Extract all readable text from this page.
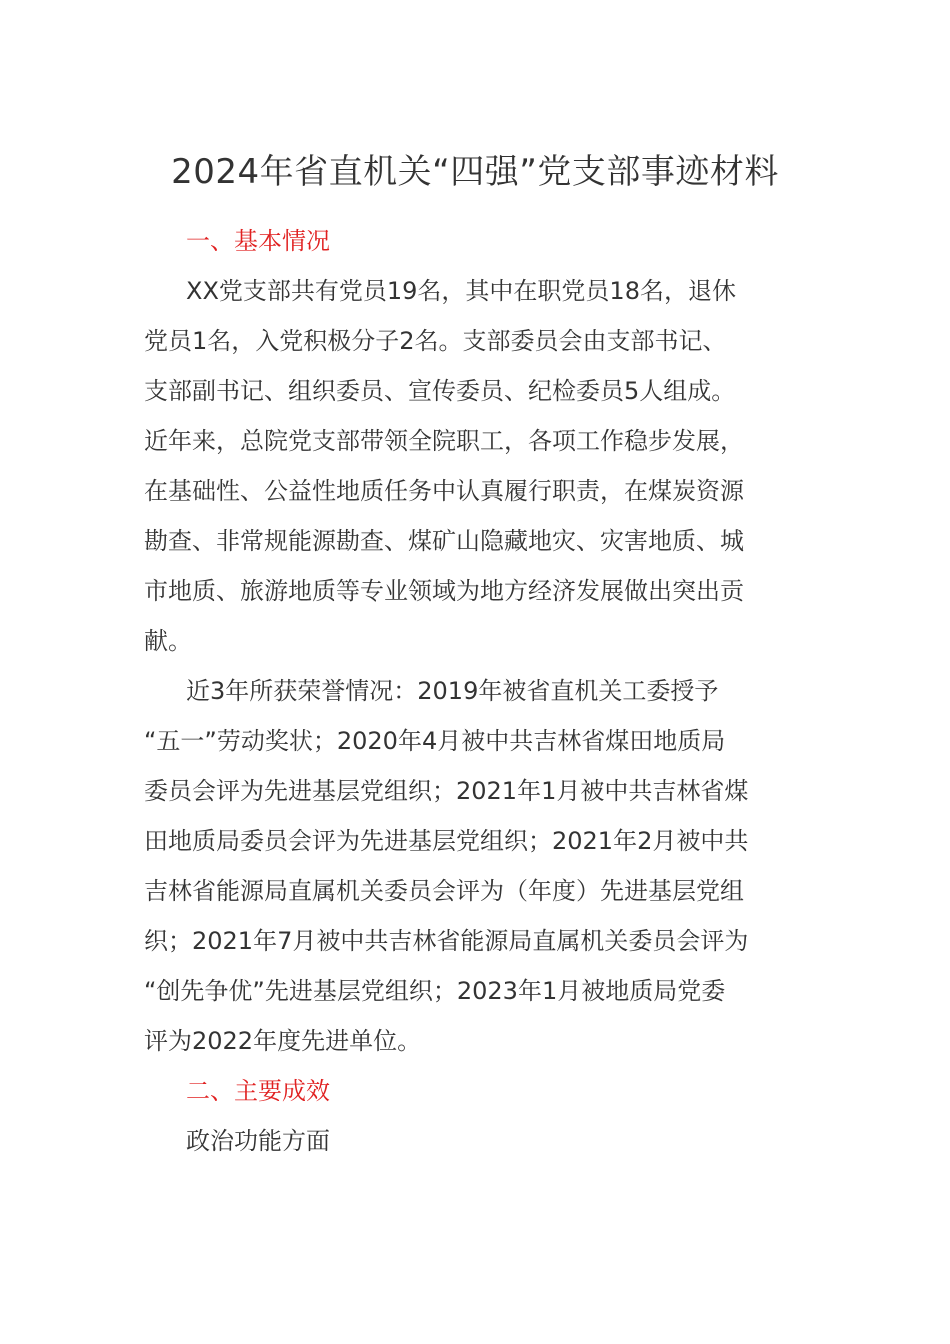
2024年省直机关“四强”党支部事迹材料
一、基本情况

XX党支部共有党员19名，其中在职党员18名，退休
党员1名，入党积极分子2名。支部委员会由支部书记、
支部副书记、组织委员、宣传委员、纪检委员5人组成。
近年来，总院党支部带领全院职工，各项工作稳步发展，
在基础性、公益性地质任务中认真履行职责，在煤炭资源
勘查、非常规能源勘查、煤矿山隐藏地灾、灾害地质、城
市地质、旅游地质等专业领域为地方经济发展做出突出贡
献。

近3年所获荣誉情况：2019年被省直机关工委授予
“五一”劳动奖状；2020年4月被中共吉林省煤田地质局
委员会评为先进基层党组织；2021年1月被中共吉林省煤
田地质局委员会评为先进基层党组织；2021年2月被中共
吉林省能源局直属机关委员会评为（年度）先进基层党组
织；2021年7月被中共吉林省能源局直属机关委员会评为
“创先争优”先进基层党组织；2023年1月被地质局党委
评为2022年度先进单位。

二、主要成效

政治功能方面
